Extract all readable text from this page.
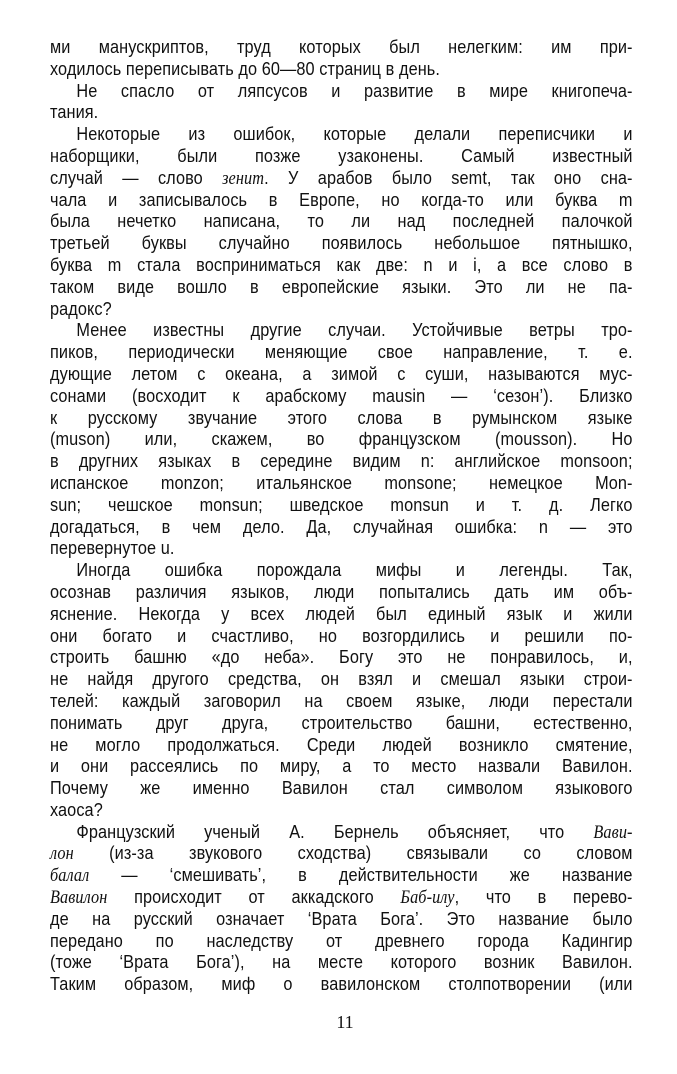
ми манускриптов, труд которых был нелегким: им при-
ходилось переписывать до 60—80 страниц в день.
Не спасло от ляпсусов и развитие в мире книгопеча-
тания.
Некоторые из ошибок, которые делали переписчики и
наборщики, были позже узаконены. Самый известный
случай — слово зенит. У арабов было semt, так оно сна-
чала и записывалось в Европе, но когда-то или буква m
была нечетко написана, то ли над последней палочкой
третьей буквы случайно появилось небольшое пятнышко,
буква m стала восприниматься как две: n и i, а все слово в
таком виде вошло в европейские языки. Это ли не па-
радокс?
Менее известны другие случаи. Устойчивые ветры тро-
пиков, периодически меняющие свое направление, т. е.
дующие летом с океана, а зимой с суши, называются мус-
сонами (восходит к арабскому mausin — ‘сезон’). Близко
к русскому звучание этого слова в румынском языке
(muson) или, скажем, во французском (mousson). Но
в другних языках в середине видим n: английское monsoon;
испанское monzon; итальянское monsone; немецкое Mon-
sun; чешское monsun; шведское monsun и т. д. Легко
догадаться, в чем дело. Да, случайная ошибка: n — это
перевернутое u.
Иногда ошибка порождала мифы и легенды. Так,
осознав различия языков, люди попытались дать им объ-
яснение. Некогда у всех людей был единый язык и жили
они богато и счастливо, но возгордились и решили по-
строить башню «до неба». Богу это не понравилось, и,
не найдя другого средства, он взял и смешал языки строи-
телей: каждый заговорил на своем языке, люди перестали
понимать друг друга, строительство башни, естественно,
не могло продолжаться. Среди людей возникло смятение,
и они рассеялись по миру, а то место назвали Вавилон.
Почему же именно Вавилон стал символом языкового
хаоса?
Французский ученый А. Бернель объясняет, что Вави-
лон (из-за звукового сходства) связывали со словом
балал — ‘смешивать’, в действительности же название
Вавилон происходит от аккадского Баб-илу, что в перево-
де на русский означает ‘Врата Бога’. Это название было
передано по наследству от древнего города Кадингир
(тоже ‘Врата Бога’), на месте которого возник Вавилон.
Таким образом, миф о вавилонском столпотворении (или
11
